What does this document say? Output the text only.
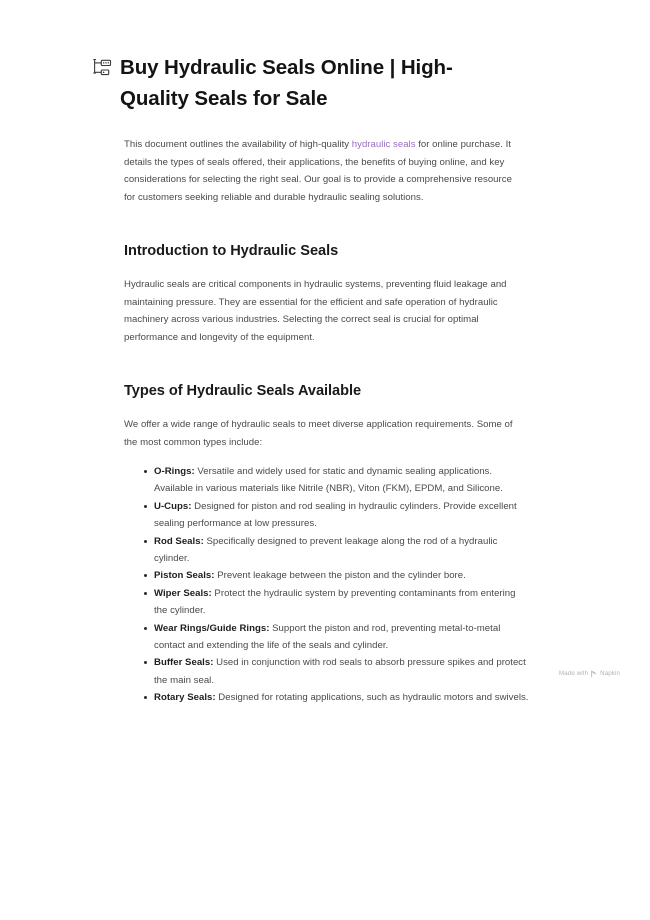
Buy Hydraulic Seals Online | High-Quality Seals for Sale

This document outlines the availability of high-quality hydraulic seals for online purchase. It details the types of seals offered, their applications, the benefits of buying online, and key considerations for selecting the right seal. Our goal is to provide a comprehensive resource for customers seeking reliable and durable hydraulic sealing solutions.

Introduction to Hydraulic Seals

Hydraulic seals are critical components in hydraulic systems, preventing fluid leakage and maintaining pressure. They are essential for the efficient and safe operation of hydraulic machinery across various industries. Selecting the correct seal is crucial for optimal performance and longevity of the equipment.

Types of Hydraulic Seals Available

We offer a wide range of hydraulic seals to meet diverse application requirements. Some of the most common types include:

O-Rings: Versatile and widely used for static and dynamic sealing applications. Available in various materials like Nitrile (NBR), Viton (FKM), EPDM, and Silicone.
U-Cups: Designed for piston and rod sealing in hydraulic cylinders. Provide excellent sealing performance at low pressures.
Rod Seals: Specifically designed to prevent leakage along the rod of a hydraulic cylinder.
Piston Seals: Prevent leakage between the piston and the cylinder bore.
Wiper Seals: Protect the hydraulic system by preventing contaminants from entering the cylinder.
Wear Rings/Guide Rings: Support the piston and rod, preventing metal-to-metal contact and extending the life of the seals and cylinder.
Buffer Seals: Used in conjunction with rod seals to absorb pressure spikes and protect the main seal.
Rotary Seals: Designed for rotating applications, such as hydraulic motors and swivels.
Made with Napkin
